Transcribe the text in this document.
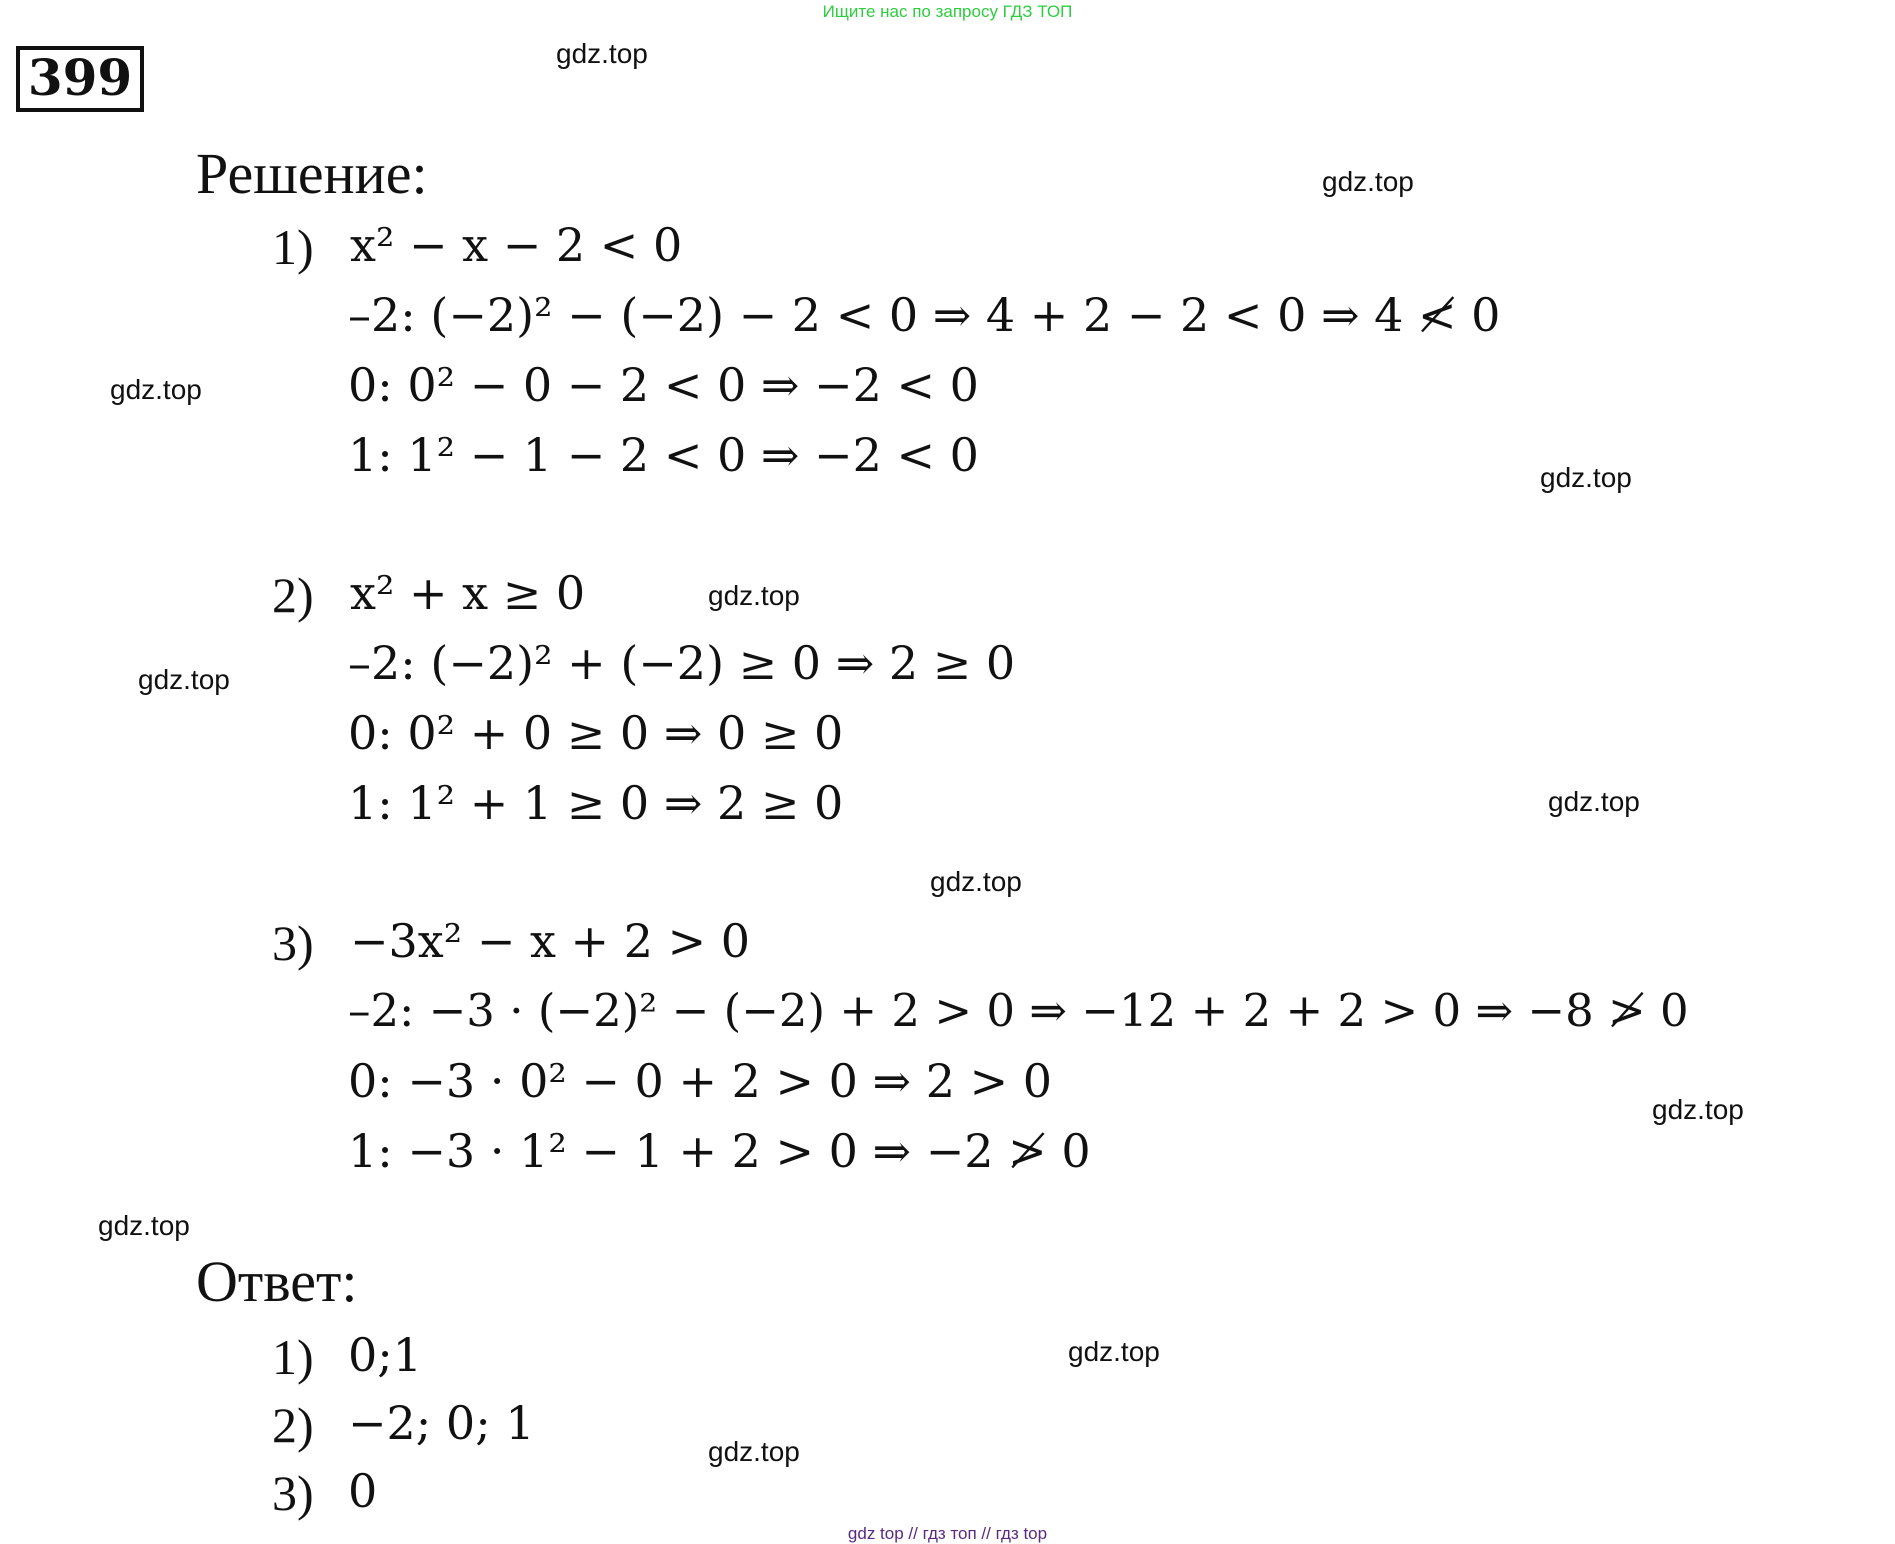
Ищите нас по запросу ГДЗ ТОП
399
Решение:
1) x² − x − 2 < 0
–2: (−2)² − (−2) − 2 < 0 ⇒ 4 + 2 − 2 < 0 ⇒ 4 ≮ 0
0: 0² − 0 − 2 < 0 ⇒ −2 < 0
1: 1² − 1 − 2 < 0 ⇒ −2 < 0
2) x² + x ≥ 0
–2: (−2)² + (−2) ≥ 0 ⇒ 2 ≥ 0
0: 0² + 0 ≥ 0 ⇒ 0 ≥ 0
1: 1² + 1 ≥ 0 ⇒ 2 ≥ 0
3) −3x² − x + 2 > 0
–2: −3 · (−2)² − (−2) + 2 > 0 ⇒ −12 + 2 + 2 > 0 ⇒ −8 ≯ 0
0: −3 · 0² − 0 + 2 > 0 ⇒ 2 > 0
1: −3 · 1² − 1 + 2 > 0 ⇒ −2 ≯ 0
Ответ:
1) 0;1
2) −2; 0; 1
3) 0
gdz.top
gdz.top
gdz.top
gdz.top
gdz.top
gdz.top
gdz.top
gdz.top
gdz.top
gdz.top
gdz.top
gdz.top
gdz top // гдз топ // гдз top
